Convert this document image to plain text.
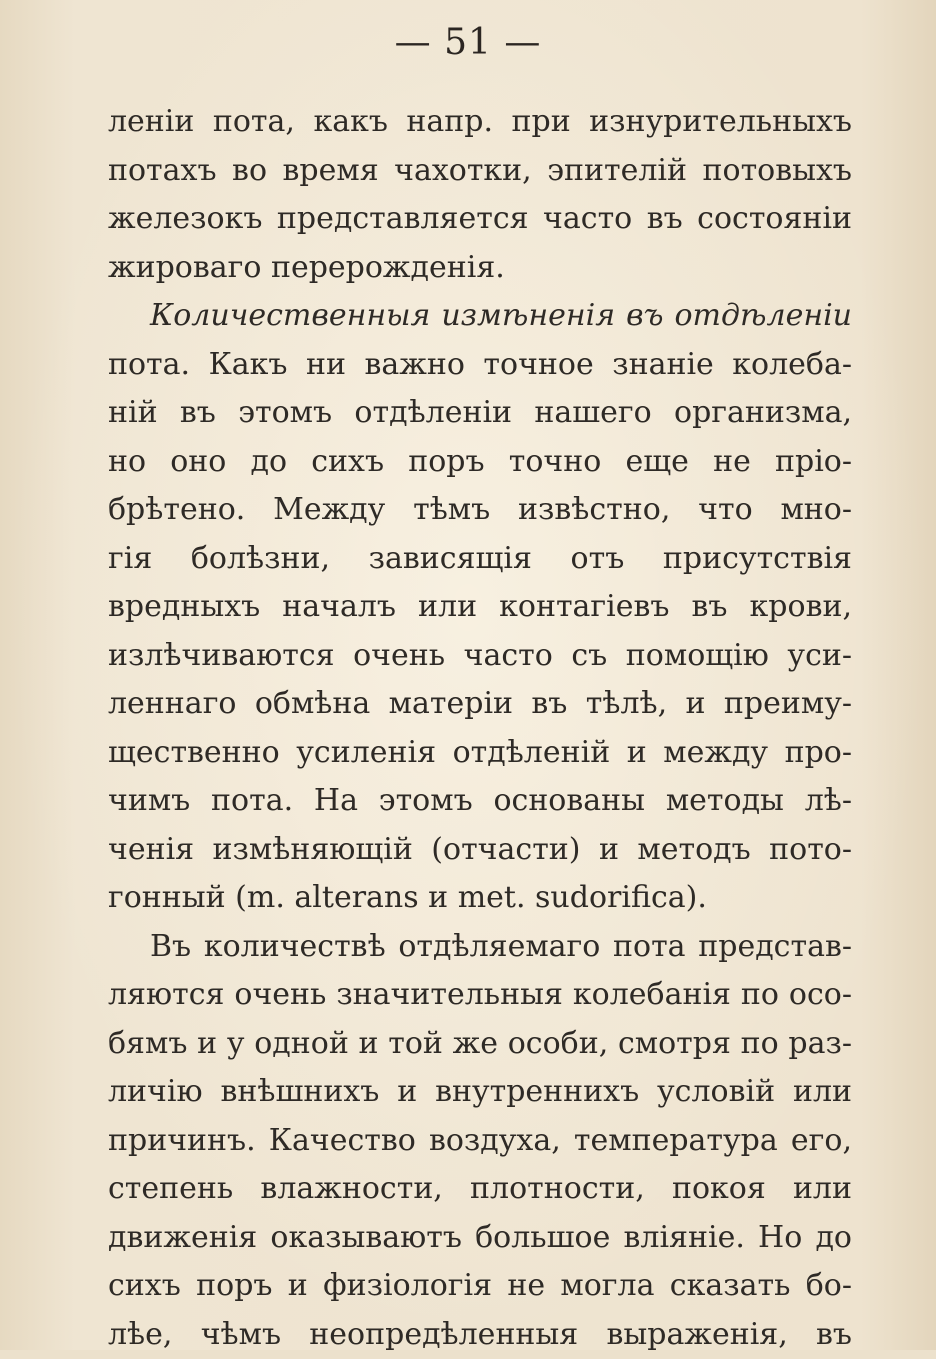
— 51 —
ленiи пота, какъ напр. при изнурительныхъ
потахъ во время чахотки, эпителiй потовыхъ
железокъ представляется часто въ состоянiи
жироваго перерожденiя.
Количественныя измѣненiя въ отдѣленiи
пота. Какъ ни важно точное знанiе колеба-
нiй въ этомъ отдѣленiи нашего организма,
но оно до сихъ поръ точно еще не прiо-
брѣтено. Между тѣмъ извѣстно, что мно-
гiя болѣзни, зависящiя отъ присутствiя
вредныхъ началъ или контагiевъ въ крови,
излѣчиваются очень часто съ помощiю уси-
леннаго обмѣна матерiи въ тѣлѣ, и преиму-
щественно усиленiя отдѣленiй и между про-
чимъ пота. На этомъ основаны методы лѣ-
ченiя измѣняющiй (отчасти) и методъ пото-
гонный (m. alterans и met. sudorifica).
Въ количествѣ отдѣляемаго пота представ-
ляются очень значительныя колебанiя по осо-
бямъ и у одной и той же особи, смотря по раз-
личiю внѣшнихъ и внутреннихъ условiй или
причинъ. Качество воздуха, температура его,
степень влажности, плотности, покоя или
движенiя оказываютъ большое влiянiе. Но до
сихъ поръ и физiологiя не могла сказать бо-
лѣе, чѣмъ неопредѣленныя выраженiя, въ
